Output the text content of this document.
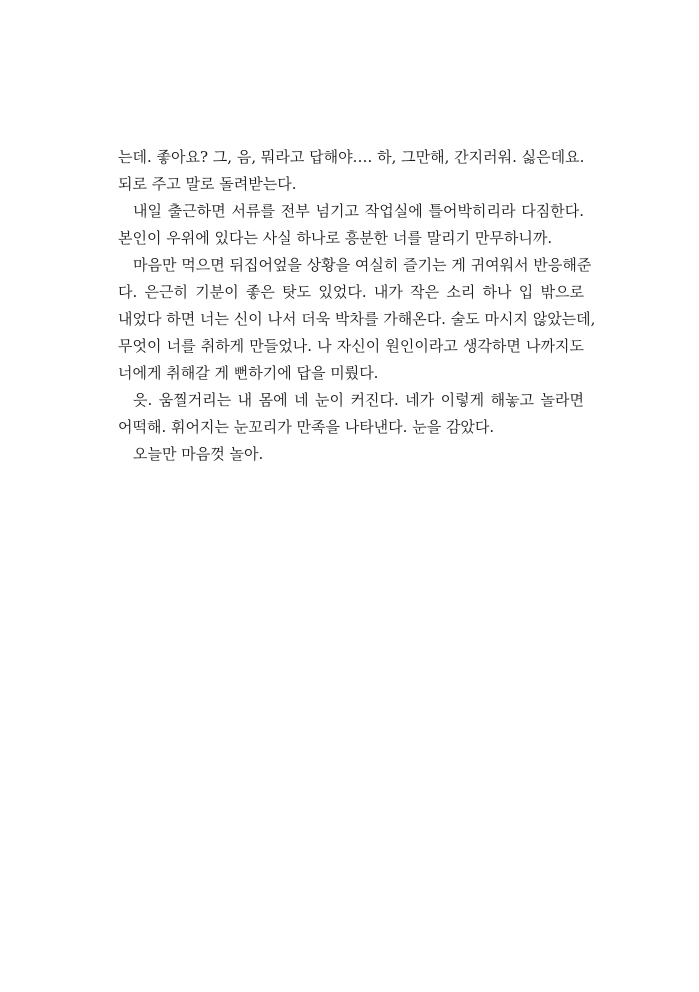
는데. 좋아요? 그, 음, 뭐라고 답해야…. 하, 그만해, 간지러워. 싫은데요.
되로 주고 말로 돌려받는다.
내일 출근하면 서류를 전부 넘기고 작업실에 틀어박히리라 다짐한다.
본인이 우위에 있다는 사실 하나로 흥분한 너를 말리기 만무하니까.
마음만 먹으면 뒤집어엎을 상황을 여실히 즐기는 게 귀여워서 반응해준
다. 은근히 기분이 좋은 탓도 있었다. 내가 작은 소리 하나 입 밖으로
내었다 하면 너는 신이 나서 더욱 박차를 가해온다. 술도 마시지 않았는데,
무엇이 너를 취하게 만들었나. 나 자신이 원인이라고 생각하면 나까지도
너에게 취해갈 게 뻔하기에 답을 미뤘다.
읏. 움찔거리는 내 몸에 네 눈이 커진다. 네가 이렇게 해놓고 놀라면
어떡해. 휘어지는 눈꼬리가 만족을 나타낸다. 눈을 감았다.
오늘만 마음껏 놀아.
